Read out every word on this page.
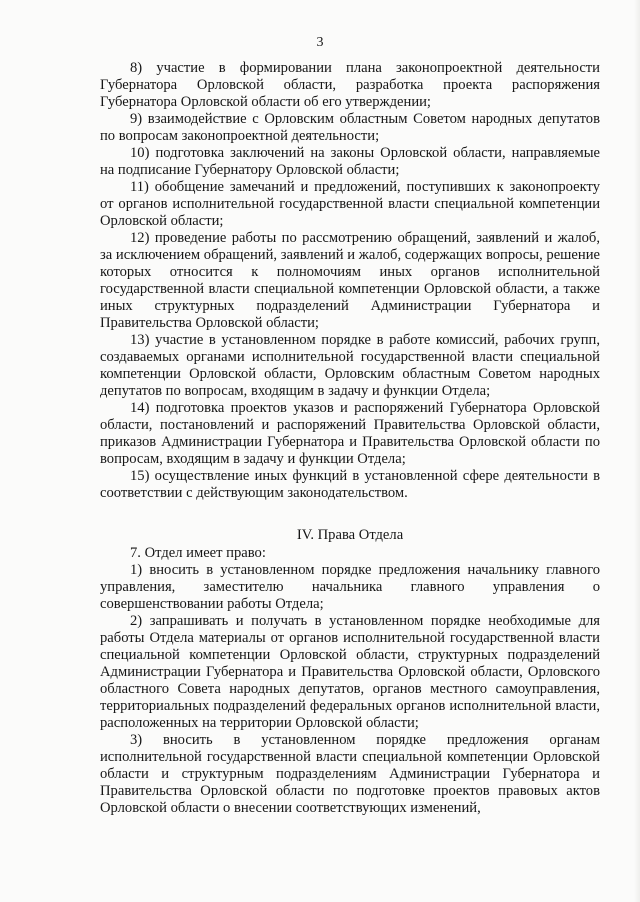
3

8) участие в формировании плана законопроектной деятельности Губернатора Орловской области, разработка проекта распоряжения Губернатора Орловской области об его утверждении;

9) взаимодействие с Орловским областным Советом народных депутатов по вопросам законопроектной деятельности;

10) подготовка заключений на законы Орловской области, направляемые на подписание Губернатору Орловской области;

11) обобщение замечаний и предложений, поступивших к законопроекту от органов исполнительной государственной власти специальной компетенции Орловской области;

12) проведение работы по рассмотрению обращений, заявлений и жалоб, за исключением обращений, заявлений и жалоб, содержащих вопросы, решение которых относится к полномочиям иных органов исполнительной государственной власти специальной компетенции Орловской области, а также иных структурных подразделений Администрации Губернатора и Правительства Орловской области;

13) участие в установленном порядке в работе комиссий, рабочих групп, создаваемых органами исполнительной государственной власти специальной компетенции Орловской области, Орловским областным Советом народных депутатов по вопросам, входящим в задачу и функции Отдела;

14) подготовка проектов указов и распоряжений Губернатора Орловской области, постановлений и распоряжений Правительства Орловской области, приказов Администрации Губернатора и Правительства Орловской области по вопросам, входящим в задачу и функции Отдела;

15) осуществление иных функций в установленной сфере деятельности в соответствии с действующим законодательством.

IV. Права Отдела

7. Отдел имеет право:

1) вносить в установленном порядке предложения начальнику главного управления, заместителю начальника главного управления о совершенствовании работы Отдела;

2) запрашивать и получать в установленном порядке необходимые для работы Отдела материалы от органов исполнительной государственной власти специальной компетенции Орловской области, структурных подразделений Администрации Губернатора и Правительства Орловской области, Орловского областного Совета народных депутатов, органов местного самоуправления, территориальных подразделений федеральных органов исполнительной власти, расположенных на территории Орловской области;

3) вносить в установленном порядке предложения органам исполнительной государственной власти специальной компетенции Орловской области и структурным подразделениям Администрации Губернатора и Правительства Орловской области по подготовке проектов правовых актов Орловской области о внесении соответствующих изменений,
